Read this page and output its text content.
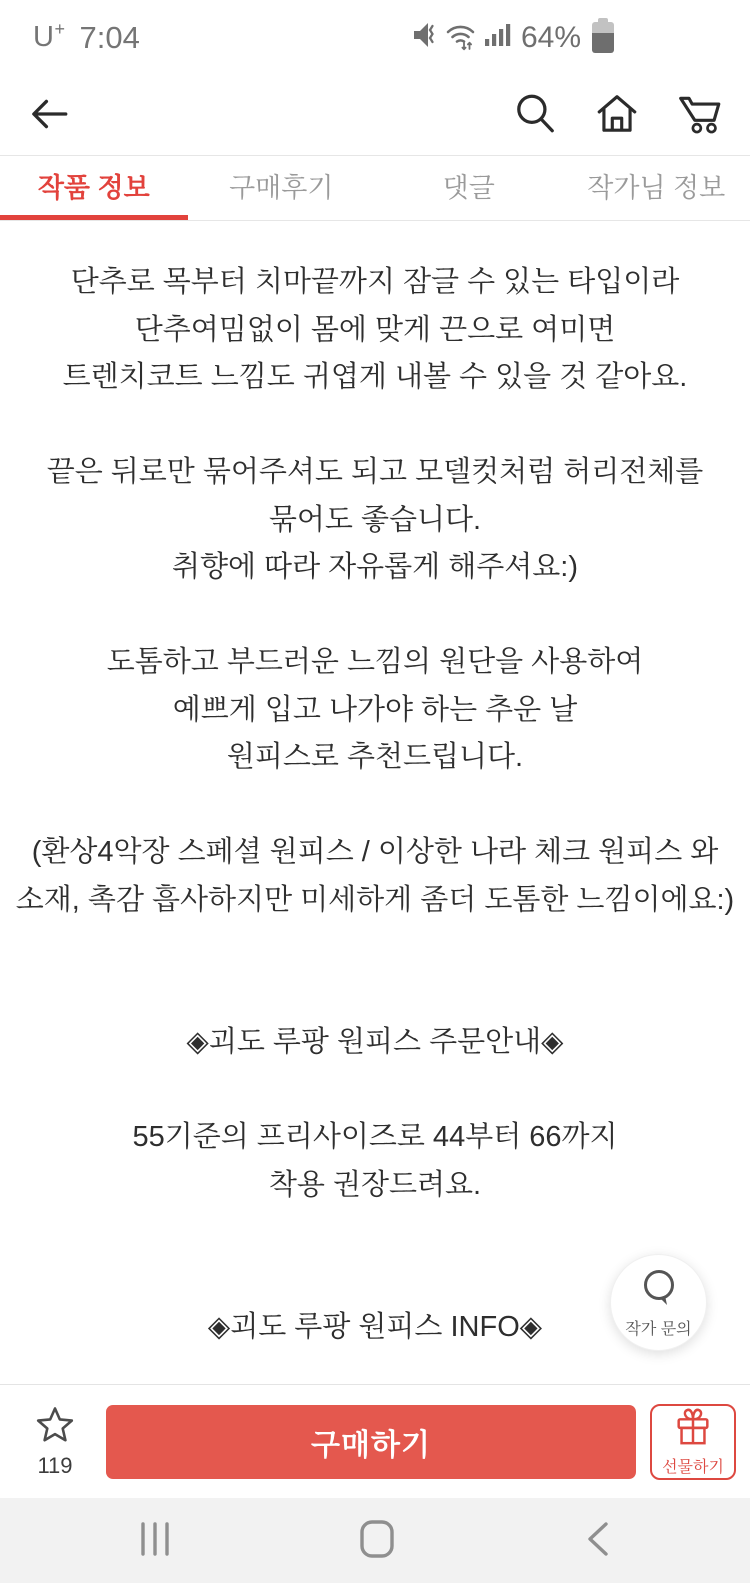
U + 7:04	64%
작품 정보	구매후기	댓글	작가님 정보
단추로 목부터 치마끝까지 잠글 수 있는 타입이라
단추여밈없이 몸에 맞게 끈으로 여미면
트렌치코트 느낌도 귀엽게 내볼 수 있을 것 같아요.

끝은 뒤로만 묶어주셔도 되고 모델컷처럼 허리전체를
묶어도 좋습니다.
취향에 따라 자유롭게 해주셔요:)

도톰하고 부드러운 느낌의 원단을 사용하여
예쁘게 입고 나가야 하는 추운 날
원피스로 추천드립니다.

(환상4악장 스페셜 원피스 / 이상한 나라 체크 원피스 와
소재, 촉감 흡사하지만 미세하게 좀더 도톰한 느낌이에요:)

◈괴도 루팡 원피스 주문안내◈

55기준의 프리사이즈로 44부터 66까지
착용 권장드려요.

◈괴도 루팡 원피스 INFO◈	작가 문의
119
구매하기
선물하기
